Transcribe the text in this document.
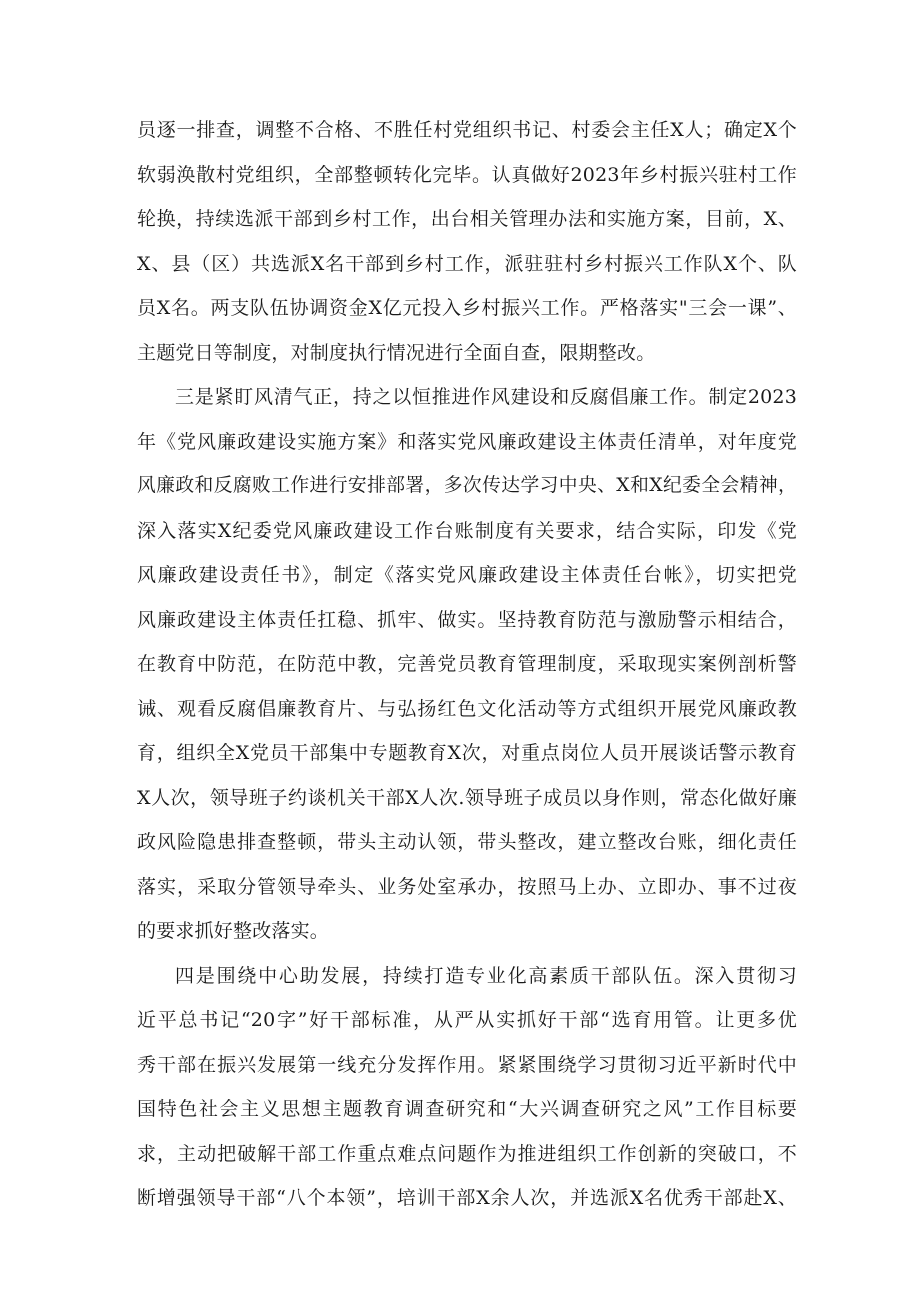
员逐一排查，调整不合格、不胜任村党组织书记、村委会主任X人；确定X个
软弱涣散村党组织，全部整顿转化完毕。认真做好2023年乡村振兴驻村工作
轮换，持续选派干部到乡村工作，出台相关管理办法和实施方案，目前，X、
X、县（区）共选派X名干部到乡村工作，派驻驻村乡村振兴工作队X个、队
员X名。两支队伍协调资金X亿元投入乡村振兴工作。严格落实"三会一课”、
主题党日等制度，对制度执行情况进行全面自查，限期整改。
三是紧盯风清气正，持之以恒推进作风建设和反腐倡廉工作。制定2023
年《党风廉政建设实施方案》和落实党风廉政建设主体责任清单，对年度党
风廉政和反腐败工作进行安排部署，多次传达学习中央、X和X纪委全会精神，
深入落实X纪委党风廉政建设工作台账制度有关要求，结合实际，印发《党
风廉政建设责任书》，制定《落实党风廉政建设主体责任台帐》，切实把党
风廉政建设主体责任扛稳、抓牢、做实。坚持教育防范与激励警示相结合，
在教育中防范，在防范中教，完善党员教育管理制度，采取现实案例剖析警
诫、观看反腐倡廉教育片、与弘扬红色文化活动等方式组织开展党风廉政教
育，组织全X党员干部集中专题教育X次，对重点岗位人员开展谈话警示教育
X人次，领导班子约谈机关干部X人次.领导班子成员以身作则，常态化做好廉
政风险隐患排查整顿，带头主动认领，带头整改，建立整改台账，细化责任
落实，采取分管领导牵头、业务处室承办，按照马上办、立即办、事不过夜
的要求抓好整改落实。
四是围绕中心助发展，持续打造专业化高素质干部队伍。深入贯彻习
近平总书记“20字”好干部标准，从严从实抓好干部“选育用管。让更多优
秀干部在振兴发展第一线充分发挥作用。紧紧围绕学习贯彻习近平新时代中
国特色社会主义思想主题教育调查研究和“大兴调查研究之风”工作目标要
求，主动把破解干部工作重点难点问题作为推进组织工作创新的突破口，不
断增强领导干部“八个本领”，培训干部X余人次，并选派X名优秀干部赴X、
